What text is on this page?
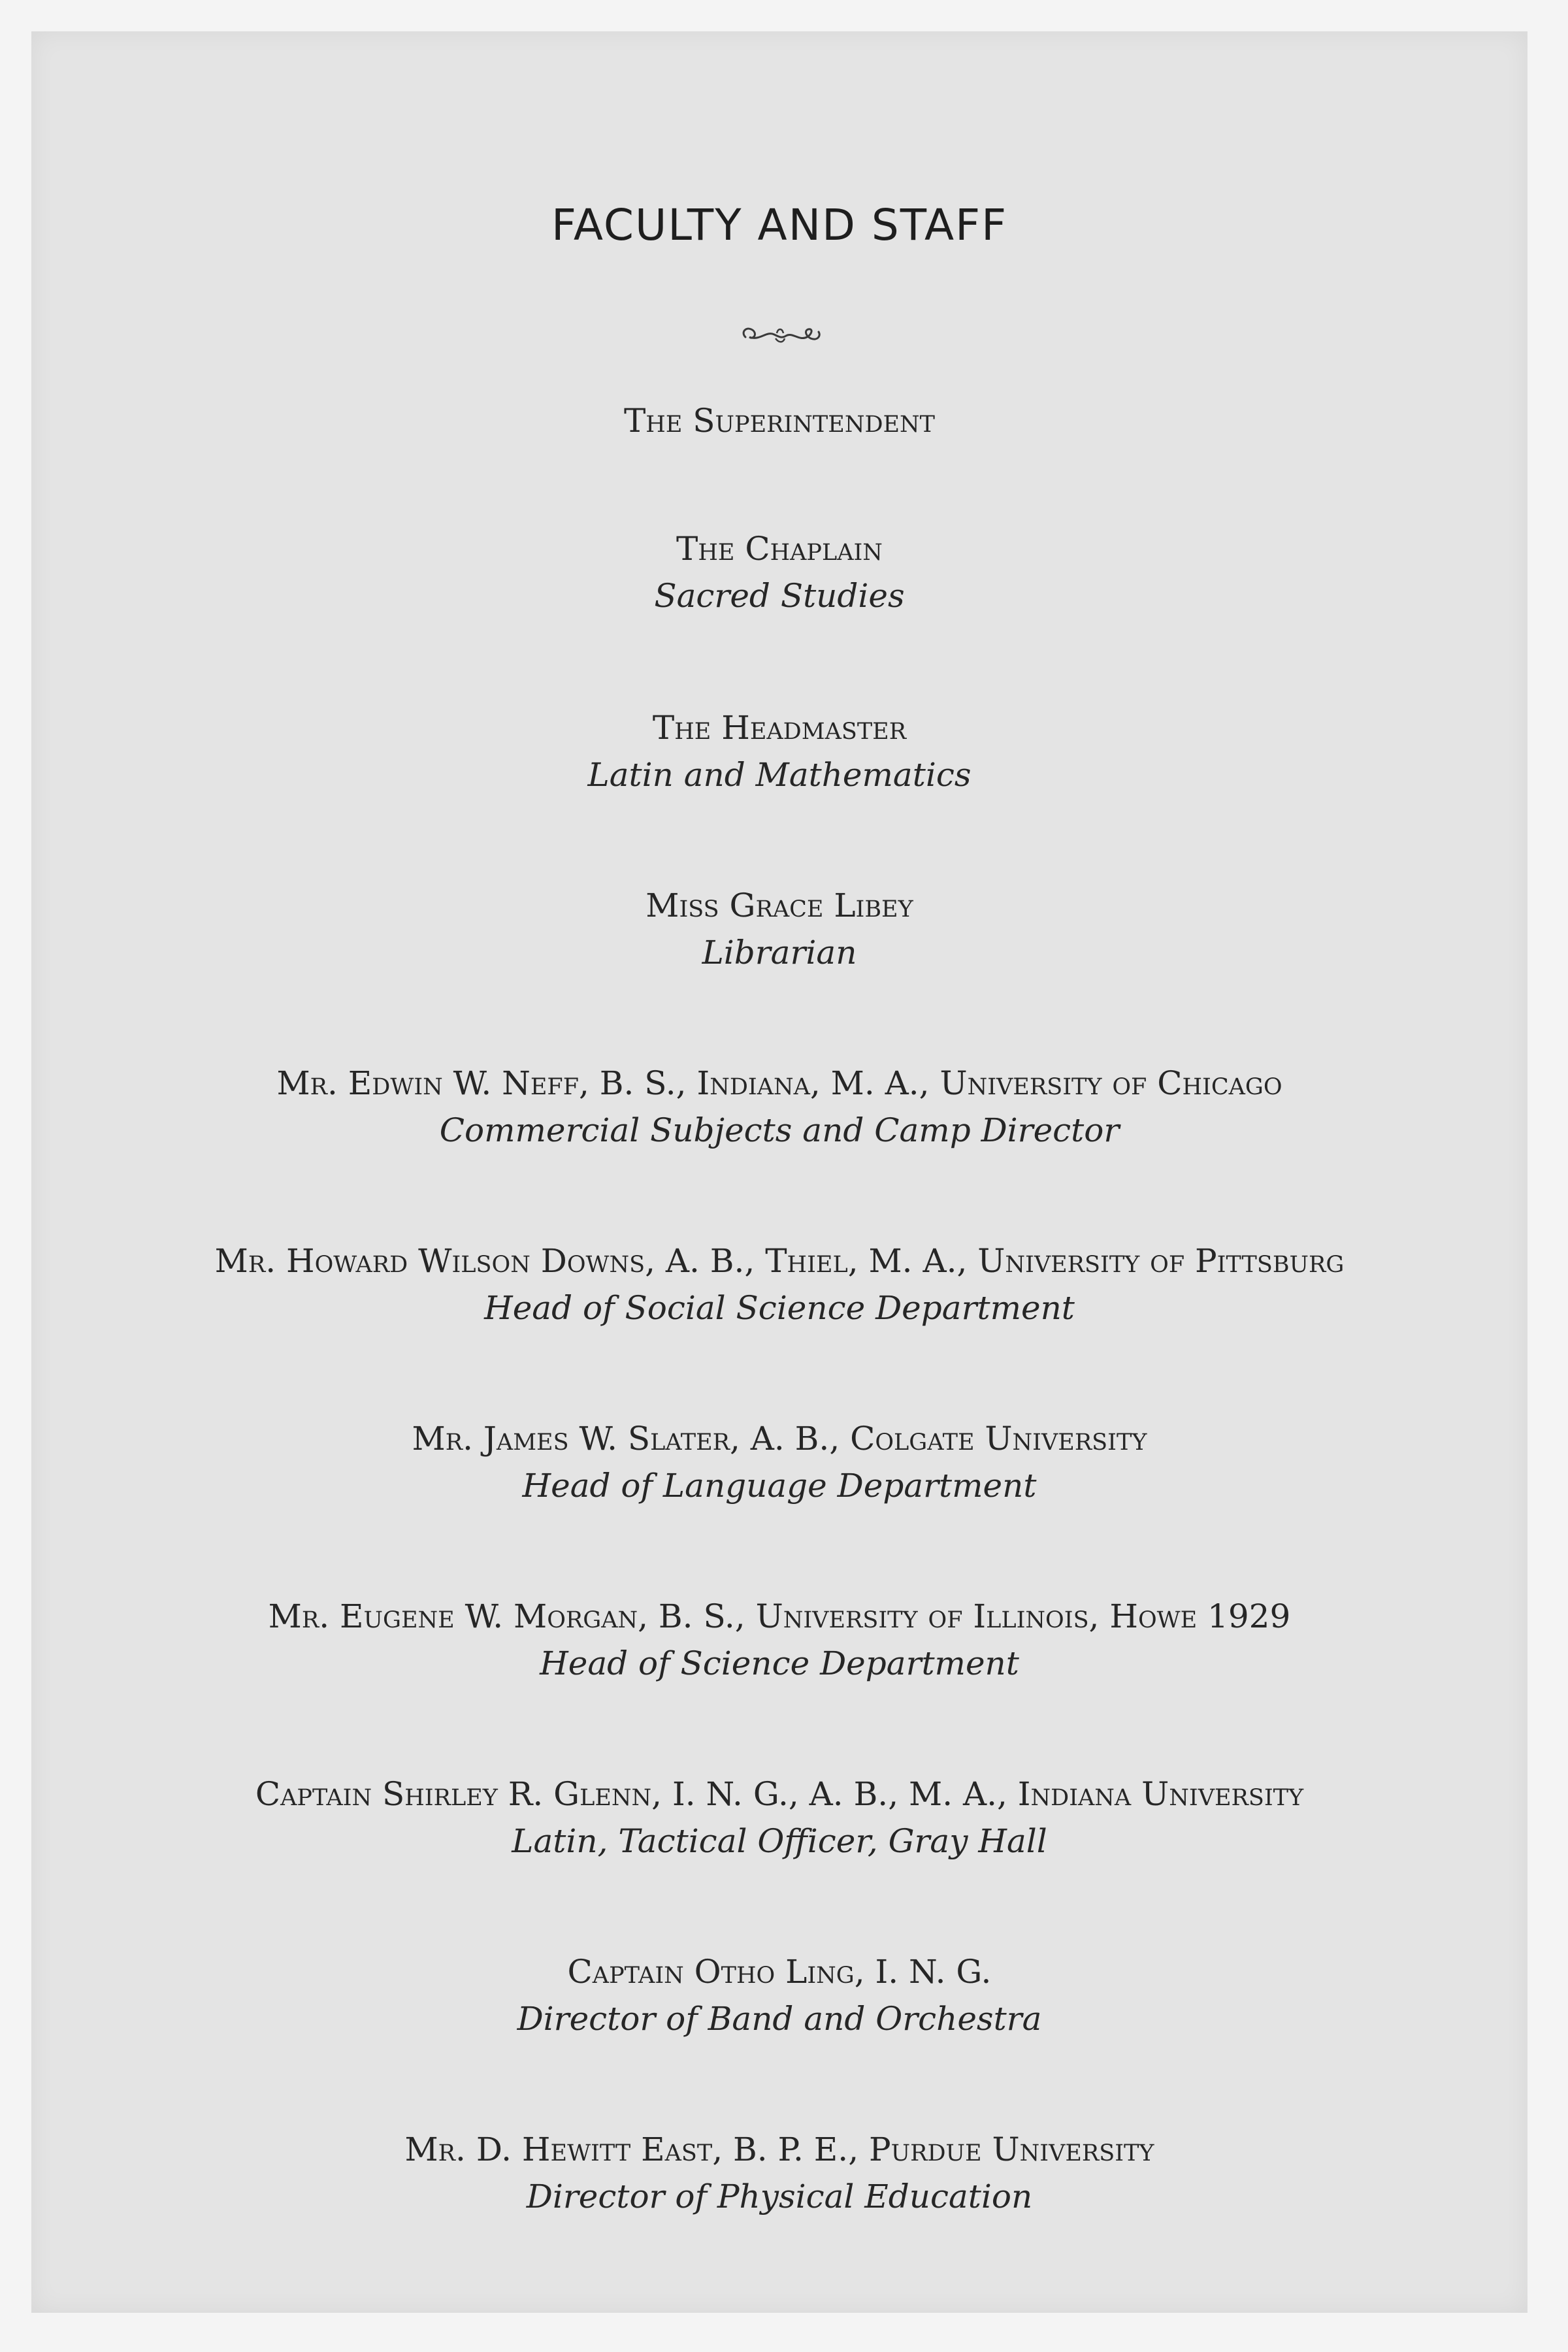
FACULTY AND STAFF
The Superintendent
The Chaplain
Sacred Studies
The Headmaster
Latin and Mathematics
Miss Grace Libey
Librarian
Mr. Edwin W. Neff, B. S., Indiana, M. A., University of Chicago
Commercial Subjects and Camp Director
Mr. Howard Wilson Downs, A. B., Thiel, M. A., University of Pittsburg
Head of Social Science Department
Mr. James W. Slater, A. B., Colgate University
Head of Language Department
Mr. Eugene W. Morgan, B. S., University of Illinois, Howe 1929
Head of Science Department
Captain Shirley R. Glenn, I. N. G., A. B., M. A., Indiana University
Latin, Tactical Officer, Gray Hall
Captain Otho Ling, I. N. G.
Director of Band and Orchestra
Mr. D. Hewitt East, B. P. E., Purdue University
Director of Physical Education
